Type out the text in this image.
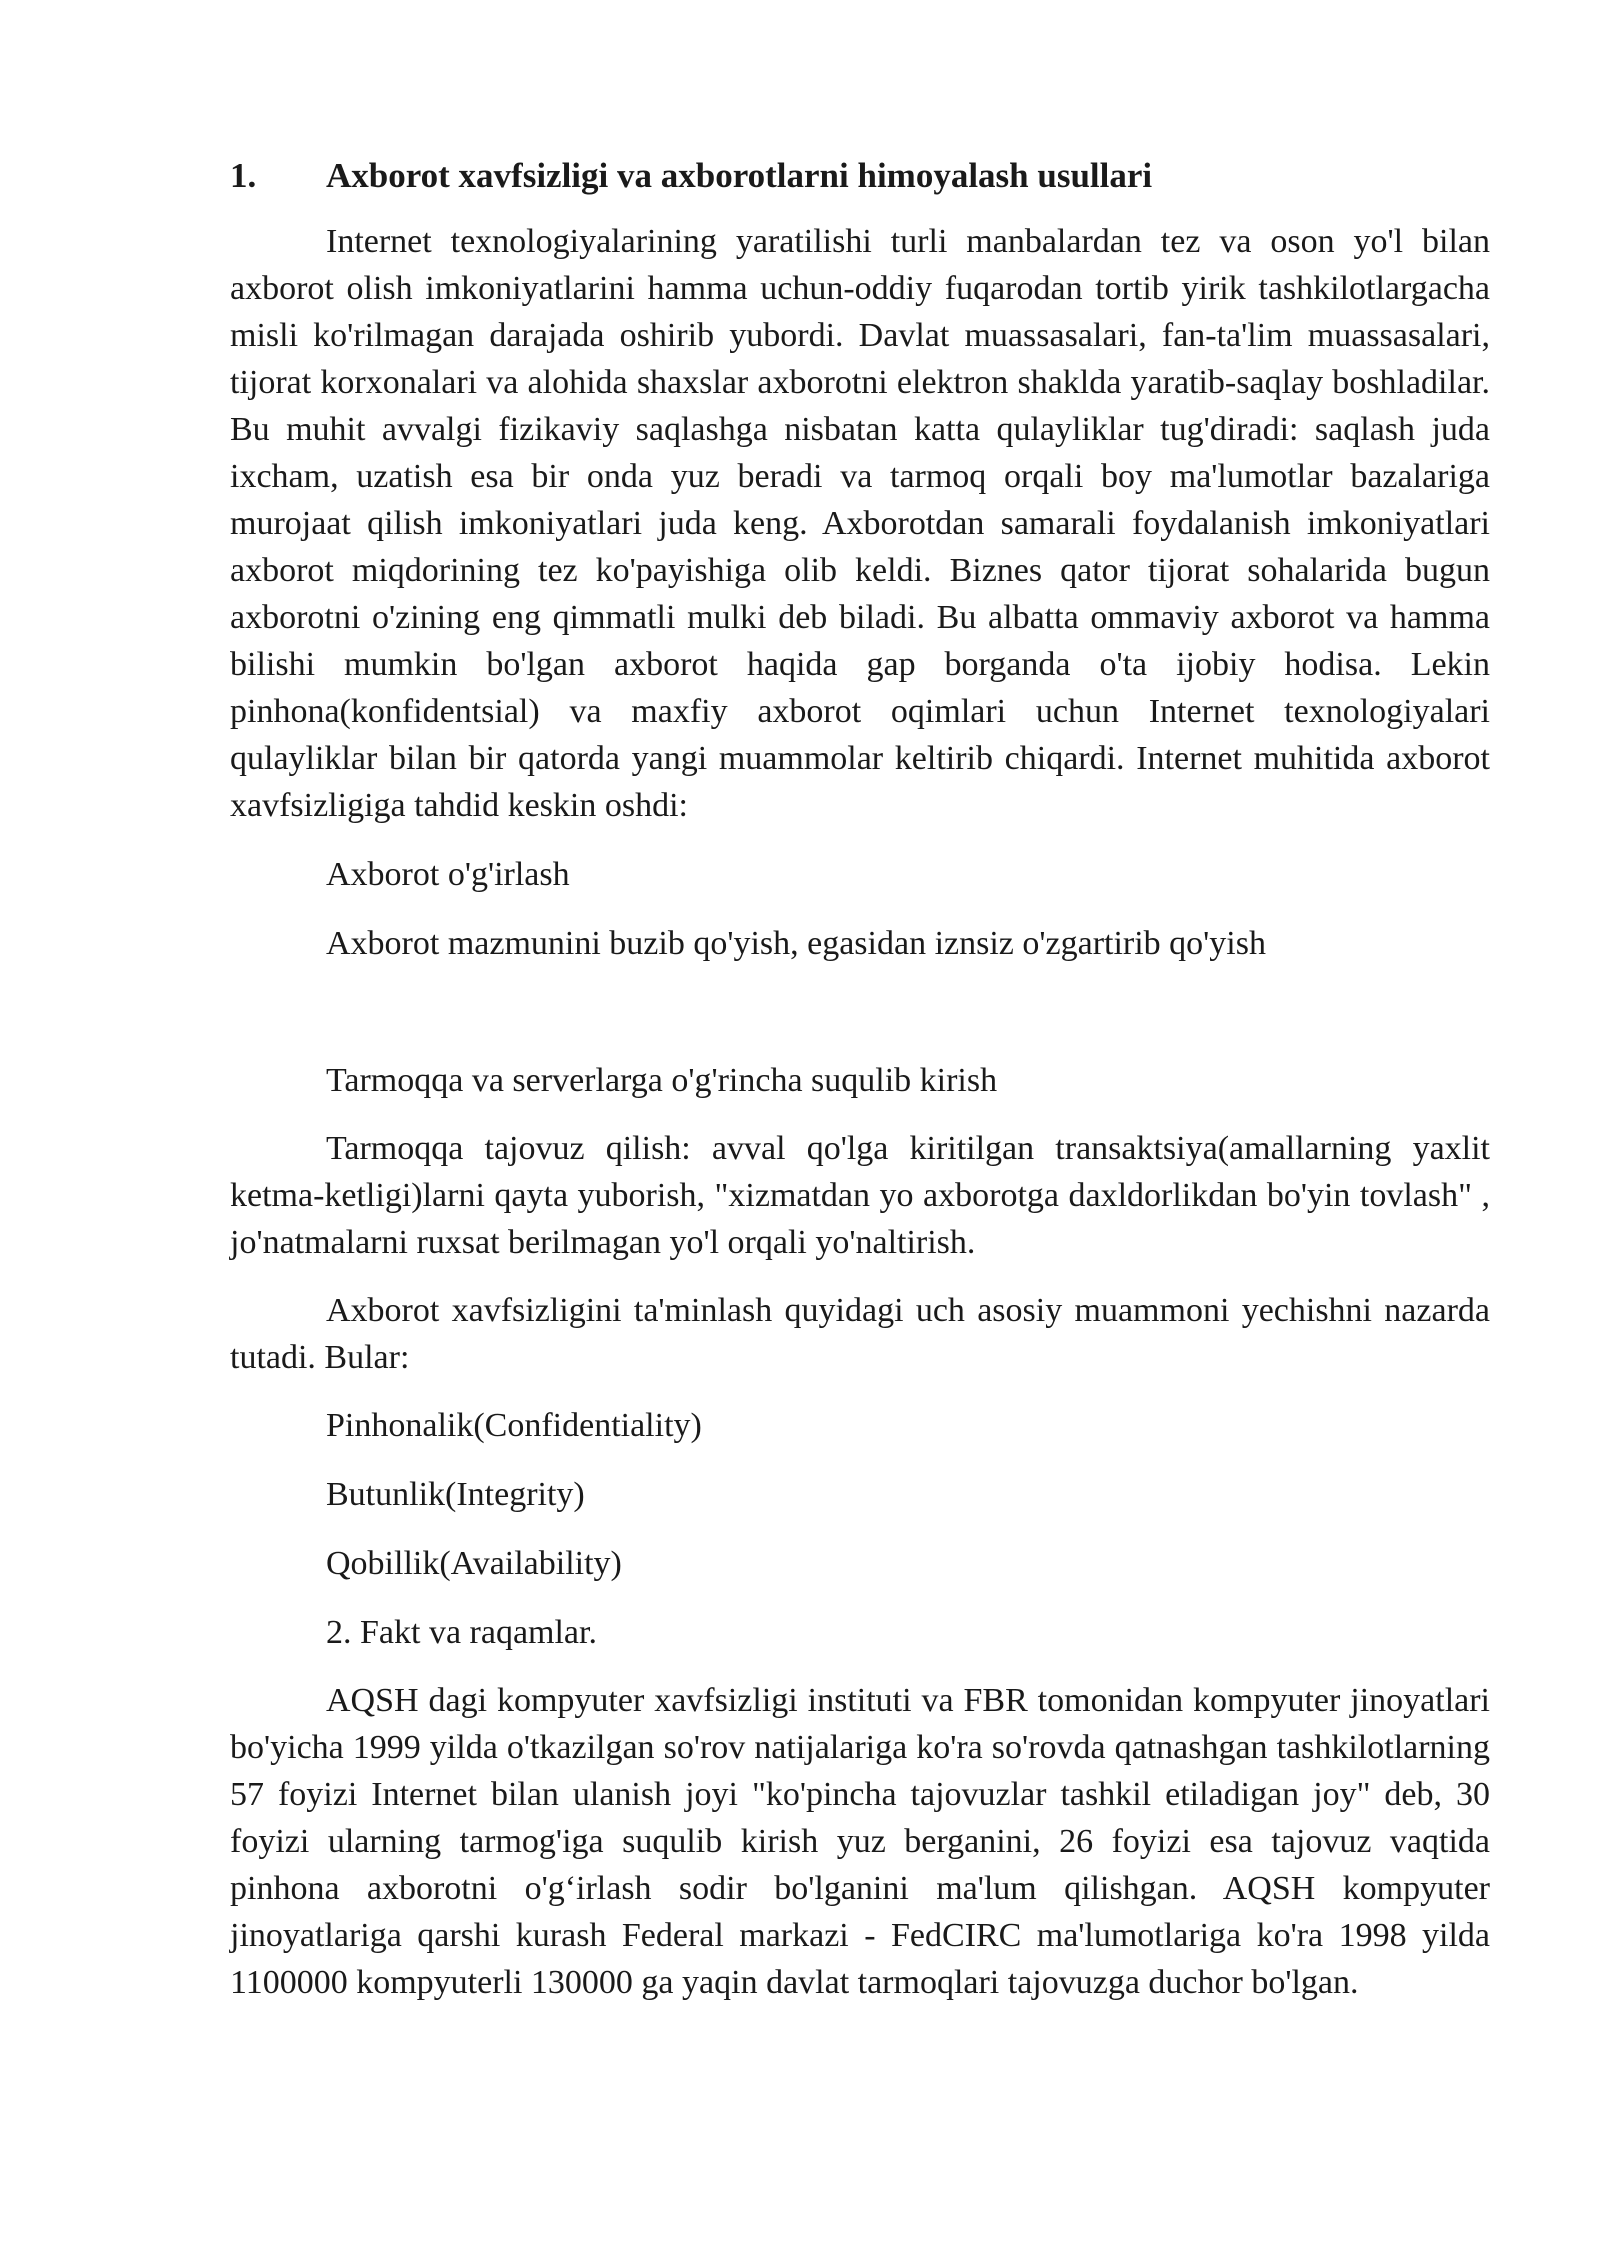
1.	Axborot xavfsizligi va axborotlarni himoyalash usullari

Internet texnologiyalarining yaratilishi turli manbalardan tez va oson yo'l bilan axborot olish imkoniyatlarini hamma uchun-oddiy fuqarodan tortib yirik tashkilotlargacha misli ko'rilmagan darajada oshirib yubordi. Davlat muassasalari, fan-ta'lim muassasalari, tijorat korxonalari va alohida shaxslar axborotni elektron shaklda yaratib-saqlay boshladilar. Bu muhit avvalgi fizikaviy saqlashga nisbatan katta qulayliklar tug'diradi: saqlash juda ixcham, uzatish esa bir onda yuz beradi va tarmoq orqali boy ma'lumotlar bazalariga murojaat qilish imkoniyatlari juda keng. Axborotdan samarali foydalanish imkoniyatlari axborot miqdorining tez ko'payishiga olib keldi. Biznes qator tijorat sohalarida bugun axborotni o'zining eng qimmatli mulki deb biladi. Bu albatta ommaviy axborot va hamma bilishi mumkin bo'lgan axborot haqida gap borganda o'ta ijobiy hodisa. Lekin pinhona(konfidentsial) va maxfiy axborot oqimlari uchun Internet texnologiyalari qulayliklar bilan bir qatorda yangi muammolar keltirib chiqardi. Internet muhitida axborot xavfsizligiga tahdid keskin oshdi:

Axborot o'g'irlash

Axborot mazmunini buzib qo'yish, egasidan iznsiz o'zgartirib qo'yish

Tarmoqqa va serverlarga o'g'rincha suqulib kirish

Tarmoqqa tajovuz qilish: avval qo'lga kiritilgan transaktsiya(amallarning yaxlit ketma-ketligi)larni qayta yuborish, "xizmatdan yo axborotga daxldorlikdan bo'yin tovlash" , jo'natmalarni ruxsat berilmagan yo'l orqali yo'naltirish.

Axborot xavfsizligini ta'minlash quyidagi uch asosiy muammoni yechishni nazarda tutadi. Bular:

Pinhonalik(Confidentiality)

Butunlik(Integrity)

Qobillik(Availability)

2. Fakt va raqamlar.

AQSH dagi kompyuter xavfsizligi instituti va FBR tomonidan kompyuter jinoyatlari bo'yicha 1999 yilda o'tkazilgan so'rov natijalariga ko'ra so'rovda qatnashgan tashkilotlarning 57 foyizi Internet bilan ulanish joyi "ko'pincha tajovuzlar tashkil etiladigan joy" deb, 30 foyizi ularning tarmog'iga suqulib kirish yuz berganini, 26 foyizi esa tajovuz vaqtida pinhona axborotni o'g‘irlash sodir bo'lganini ma'lum qilishgan. AQSH kompyuter jinoyatlariga qarshi kurash Federal markazi - FedCIRC ma'lumotlariga ko'ra 1998 yilda 1100000 kompyuterli 130000 ga yaqin davlat tarmoqlari tajovuzga duchor bo'lgan.
